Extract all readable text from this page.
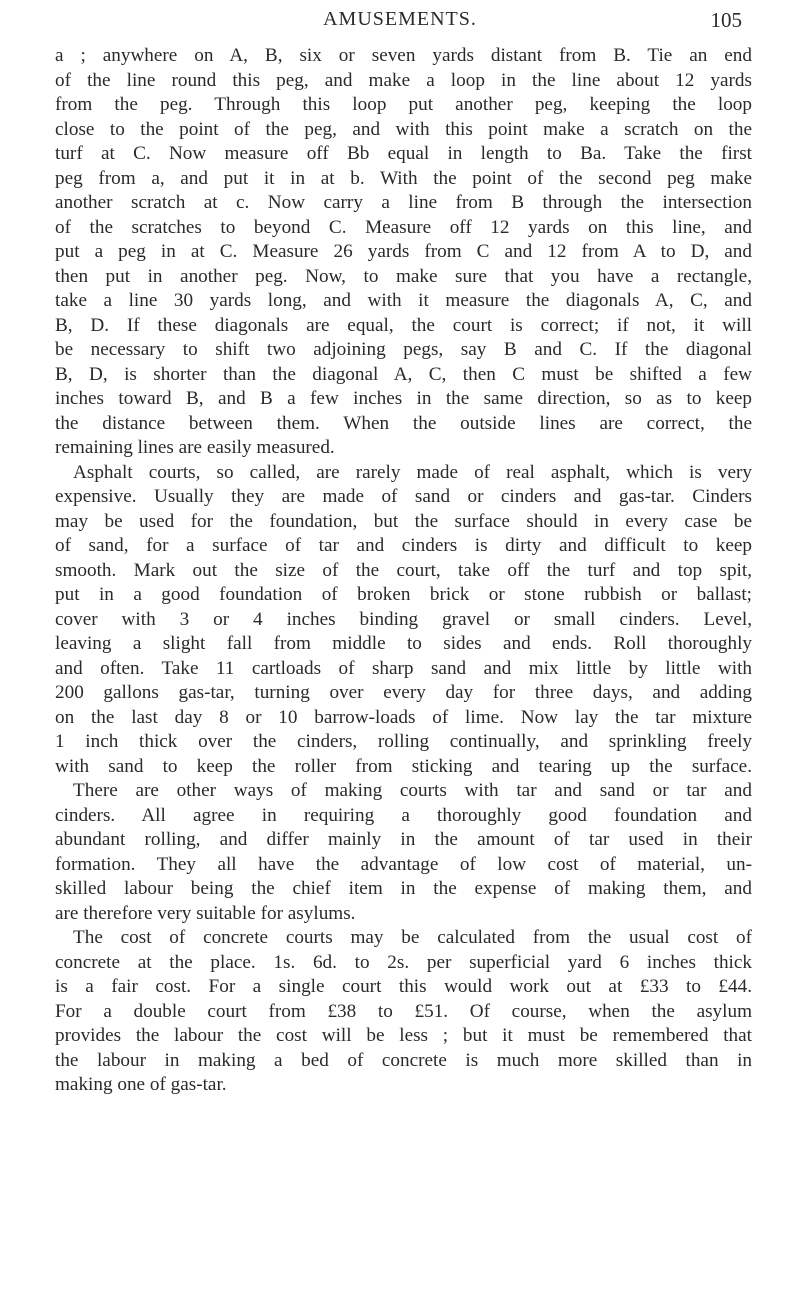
AMUSEMENTS.	105
a ; anywhere on A, B, six or seven yards distant from B. Tie an end
of the line round this peg, and make a loop in the line about 12 yards
from the peg. Through this loop put another peg, keeping the loop
close to the point of the peg, and with this point make a scratch on the
turf at C. Now measure off Bb equal in length to Ba. Take the first
peg from a, and put it in at b. With the point of the second peg make
another scratch at c. Now carry a line from B through the intersection
of the scratches to beyond C. Measure off 12 yards on this line, and
put a peg in at C. Measure 26 yards from C and 12 from A to D, and
then put in another peg. Now, to make sure that you have a rectangle,
take a line 30 yards long, and with it measure the diagonals A, C, and
B, D. If these diagonals are equal, the court is correct; if not, it will
be necessary to shift two adjoining pegs, say B and C. If the diagonal
B, D, is shorter than the diagonal A, C, then C must be shifted a few
inches toward B, and B a few inches in the same direction, so as to keep
the distance between them. When the outside lines are correct, the
remaining lines are easily measured.
Asphalt courts, so called, are rarely made of real asphalt, which is very
expensive. Usually they are made of sand or cinders and gas-tar. Cinders
may be used for the foundation, but the surface should in every case be
of sand, for a surface of tar and cinders is dirty and difficult to keep
smooth. Mark out the size of the court, take off the turf and top spit,
put in a good foundation of broken brick or stone rubbish or ballast;
cover with 3 or 4 inches binding gravel or small cinders. Level,
leaving a slight fall from middle to sides and ends. Roll thoroughly
and often. Take 11 cartloads of sharp sand and mix little by little with
200 gallons gas-tar, turning over every day for three days, and adding
on the last day 8 or 10 barrow-loads of lime. Now lay the tar mixture
1 inch thick over the cinders, rolling continually, and sprinkling freely
with sand to keep the roller from sticking and tearing up the surface.
There are other ways of making courts with tar and sand or tar and
cinders. All agree in requiring a thoroughly good foundation and
abundant rolling, and differ mainly in the amount of tar used in their
formation. They all have the advantage of low cost of material, un-
skilled labour being the chief item in the expense of making them, and
are therefore very suitable for asylums.
The cost of concrete courts may be calculated from the usual cost of
concrete at the place. 1s. 6d. to 2s. per superficial yard 6 inches thick
is a fair cost. For a single court this would work out at £33 to £44.
For a double court from £38 to £51. Of course, when the asylum
provides the labour the cost will be less ; but it must be remembered that
the labour in making a bed of concrete is much more skilled than in
making one of gas-tar.
